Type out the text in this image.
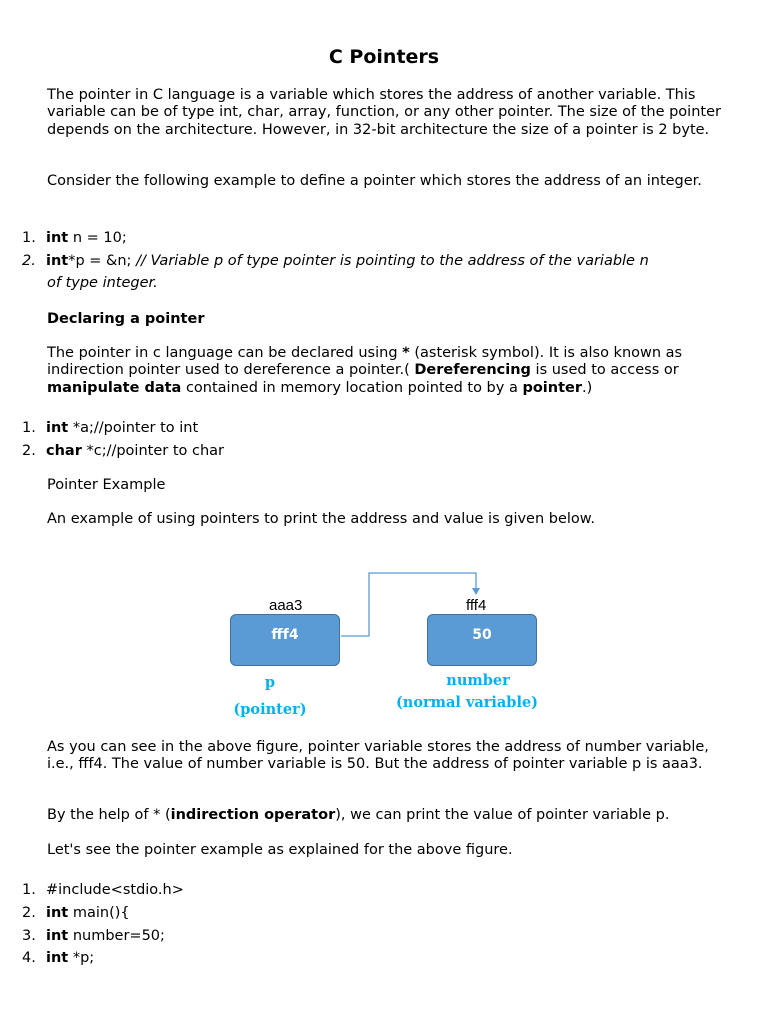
C Pointers

The pointer in C language is a variable which stores the address of another variable. This variable can be of type int, char, array, function, or any other pointer. The size of the pointer depends on the architecture. However, in 32-bit architecture the size of a pointer is 2 byte.

Consider the following example to define a pointer which stores the address of an integer.

1. int n = 10;
2. int*p = &n; // Variable p of type pointer is pointing to the address of the variable n
of type integer.

Declaring a pointer

The pointer in c language can be declared using * (asterisk symbol). It is also known as indirection pointer used to dereference a pointer.( Dereferencing is used to access or manipulate data contained in memory location pointed to by a pointer.)

1. int *a;//pointer to int
2. char *c;//pointer to char

Pointer Example

An example of using pointers to print the address and value is given below.

aaa3
fff4
p
(pointer)
fff4
50
number
(normal variable)

As you can see in the above figure, pointer variable stores the address of number variable, i.e., fff4. The value of number variable is 50. But the address of pointer variable p is aaa3.

By the help of * (indirection operator), we can print the value of pointer variable p.

Let's see the pointer example as explained for the above figure.

1. #include<stdio.h>
2. int main(){
3. int number=50;
4. int *p;
